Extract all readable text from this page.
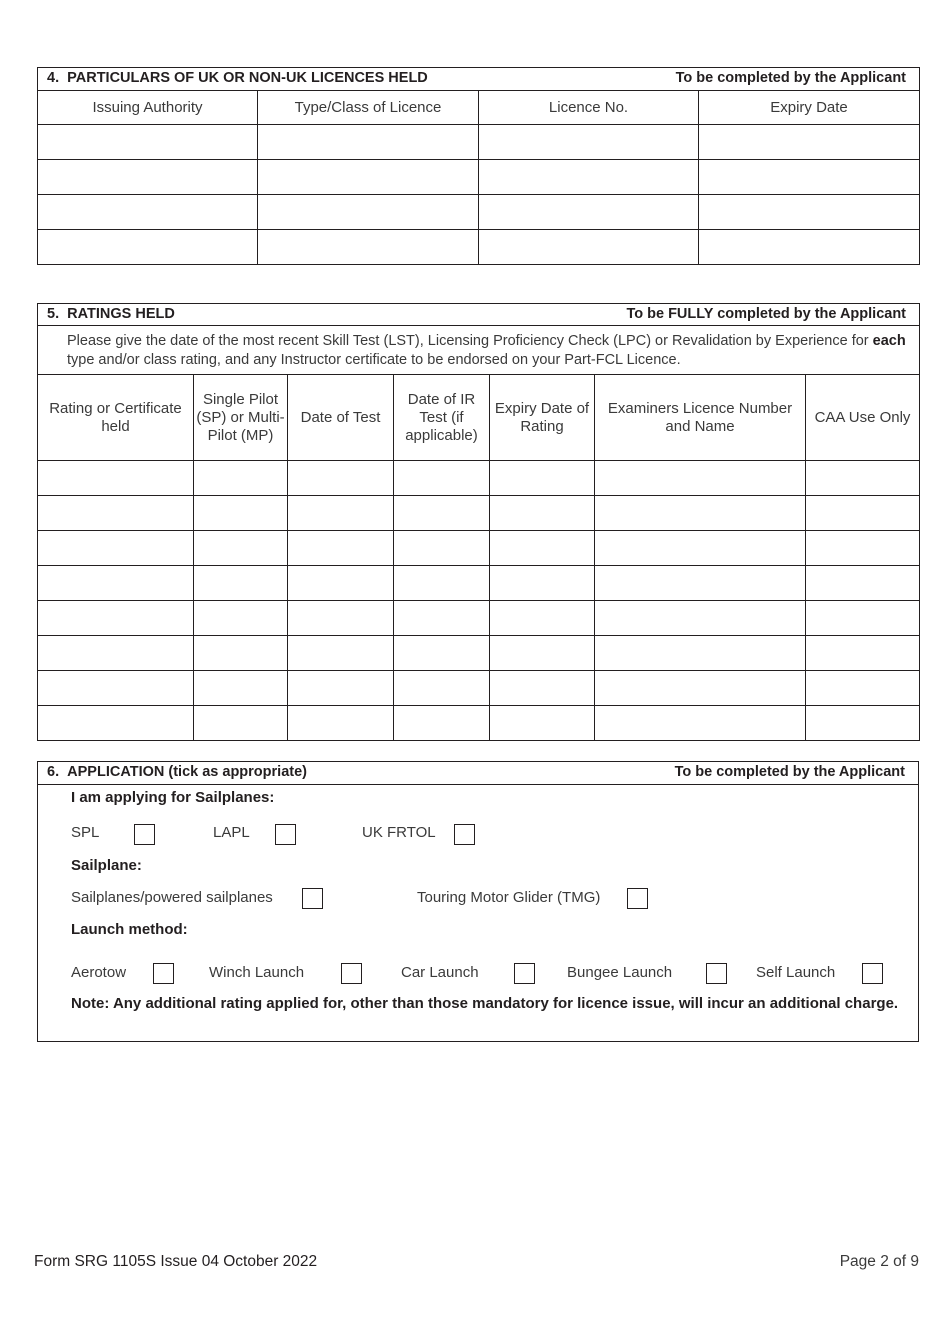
4. PARTICULARS OF UK OR NON-UK LICENCES HELD To be completed by the Applicant			

Issuing Authority	Type/Class of Licence	Licence No.	Expiry Date

5. RATINGS HELD To be FULLY completed by the Applicant						

Please give the date of the most recent Skill Test (LST), Licensing Proficiency Check (LPC) or Revalidation by Experience for each type and/or class rating, and any Instructor certificate to be endorsed on your Part-FCL Licence.						
Rating or Certificate held	Single Pilot (SP) or Multi-Pilot (MP)	Date of Test	Date of IR Test (if applicable)	Expiry Date of Rating	Examiners Licence Number and Name	CAA Use Only

6. APPLICATION (tick as appropriate)	To be completed by the Applicant
I am applying for Sailplanes:
SPL	LAPL	UK FRTOL
Sailplane:
Sailplanes/powered sailplanes	Touring Motor Glider (TMG)
Launch method:
Aerotow	Winch Launch	Car Launch	Bungee Launch	Self Launch
Note: Any additional rating applied for, other than those mandatory for licence issue, will incur an additional charge.
Form SRG 1105S Issue 04 October 2022	Page 2 of 9
